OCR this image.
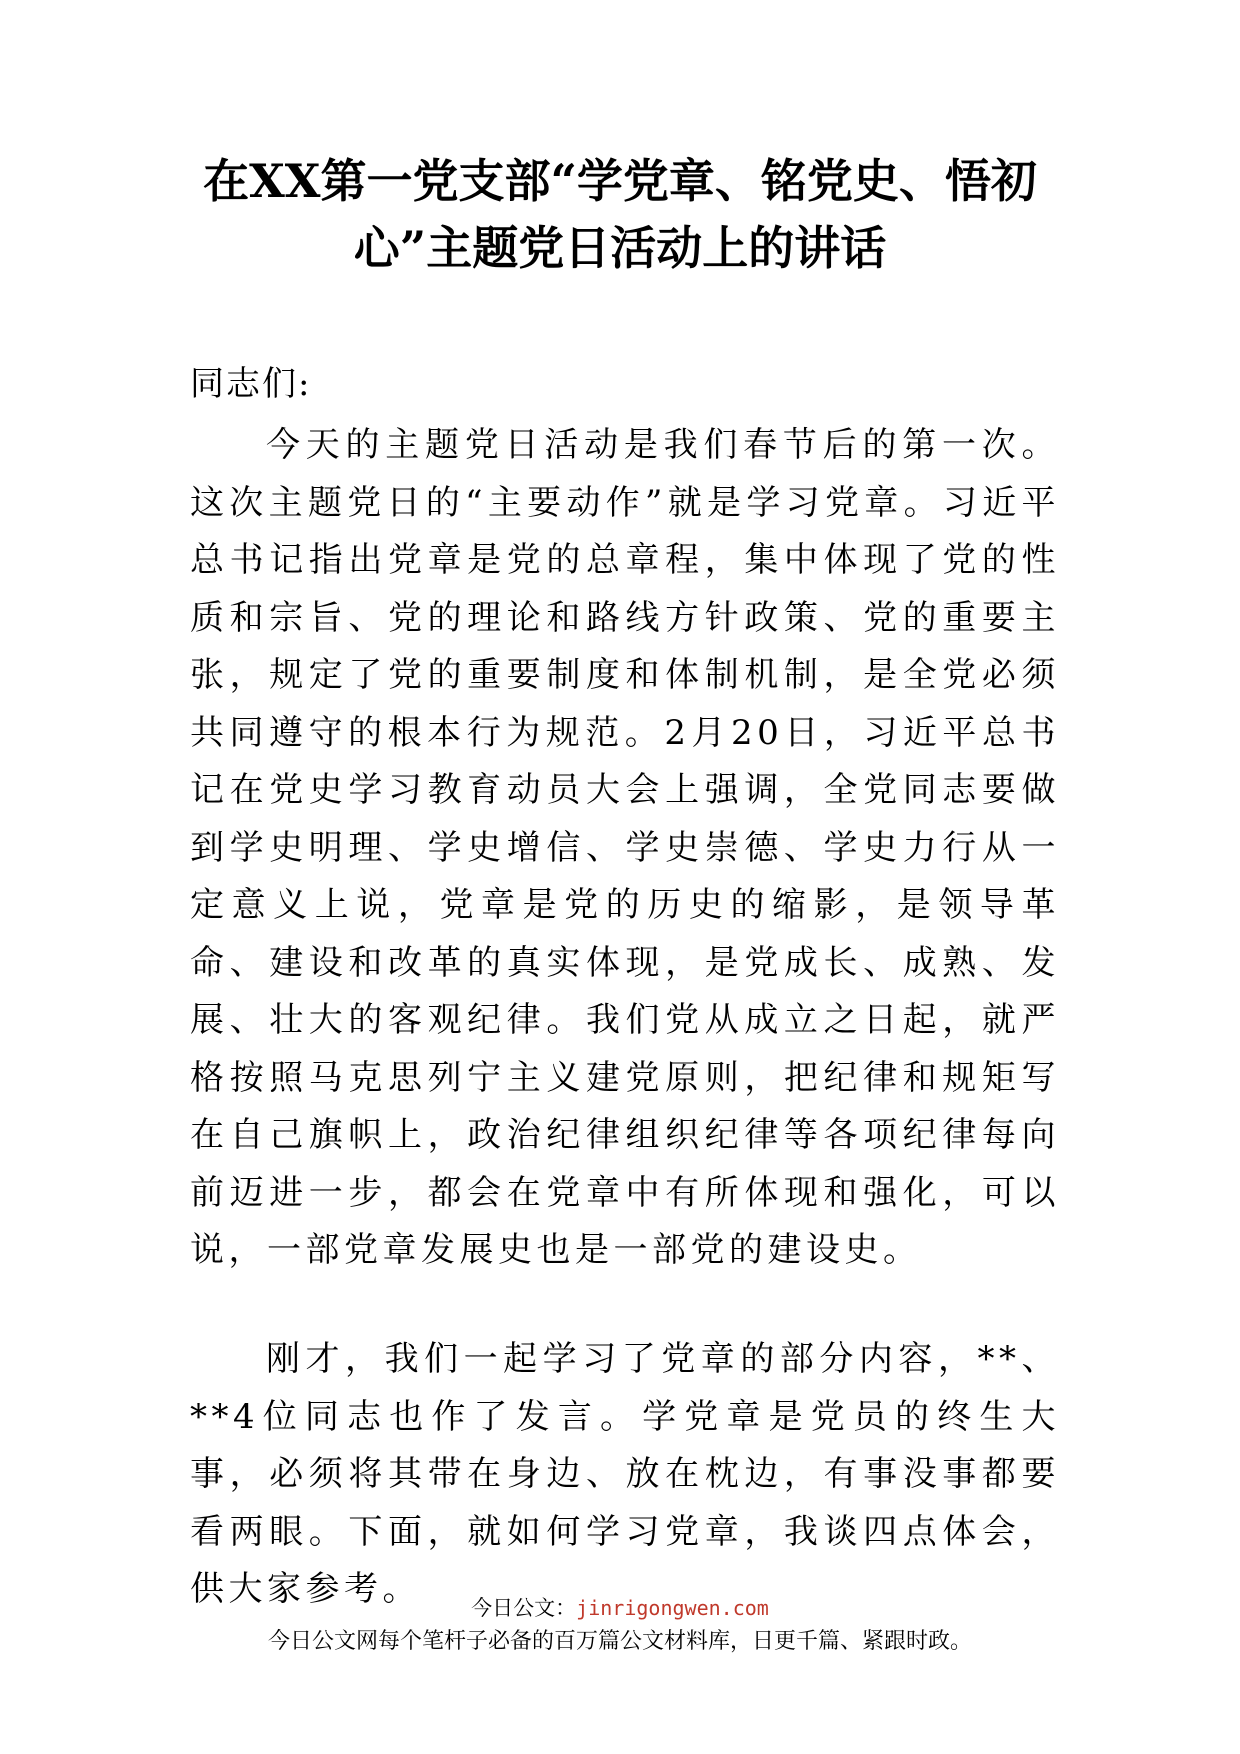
在XX第一党支部“学党章、铭党史、悟初心”主题党日活动上的讲话

同志们:

今天的主题党日活动是我们春节后的第一次。这次主题党日的“主要动作”就是学习党章。习近平总书记指出党章是党的总章程，集中体现了党的性质和宗旨、党的理论和路线方针政策、党的重要主张，规定了党的重要制度和体制机制，是全党必须共同遵守的根本行为规范。2月20日，习近平总书记在党史学习教育动员大会上强调，全党同志要做到学史明理、学史增信、学史崇德、学史力行从一定意义上说，党章是党的历史的缩影，是领导革命、建设和改革的真实体现，是党成长、成熟、发展、壮大的客观纪律。我们党从成立之日起，就严格按照马克思列宁主义建党原则，把纪律和规矩写在自己旗帜上，政治纪律组织纪律等各项纪律每向前迈进一步，都会在党章中有所体现和强化，可以说，一部党章发展史也是一部党的建设史。

刚才，我们一起学习了党章的部分内容，**、**4位同志也作了发言。学党章是党员的终生大事，必须将其带在身边、放在枕边，有事没事都要看两眼。下面，就如何学习党章，我谈四点体会，供大家参考。	今日公文：jinrigongwen.com
今日公文网每个笔杆子必备的百万篇公文材料库，日更千篇、紧跟时政。
